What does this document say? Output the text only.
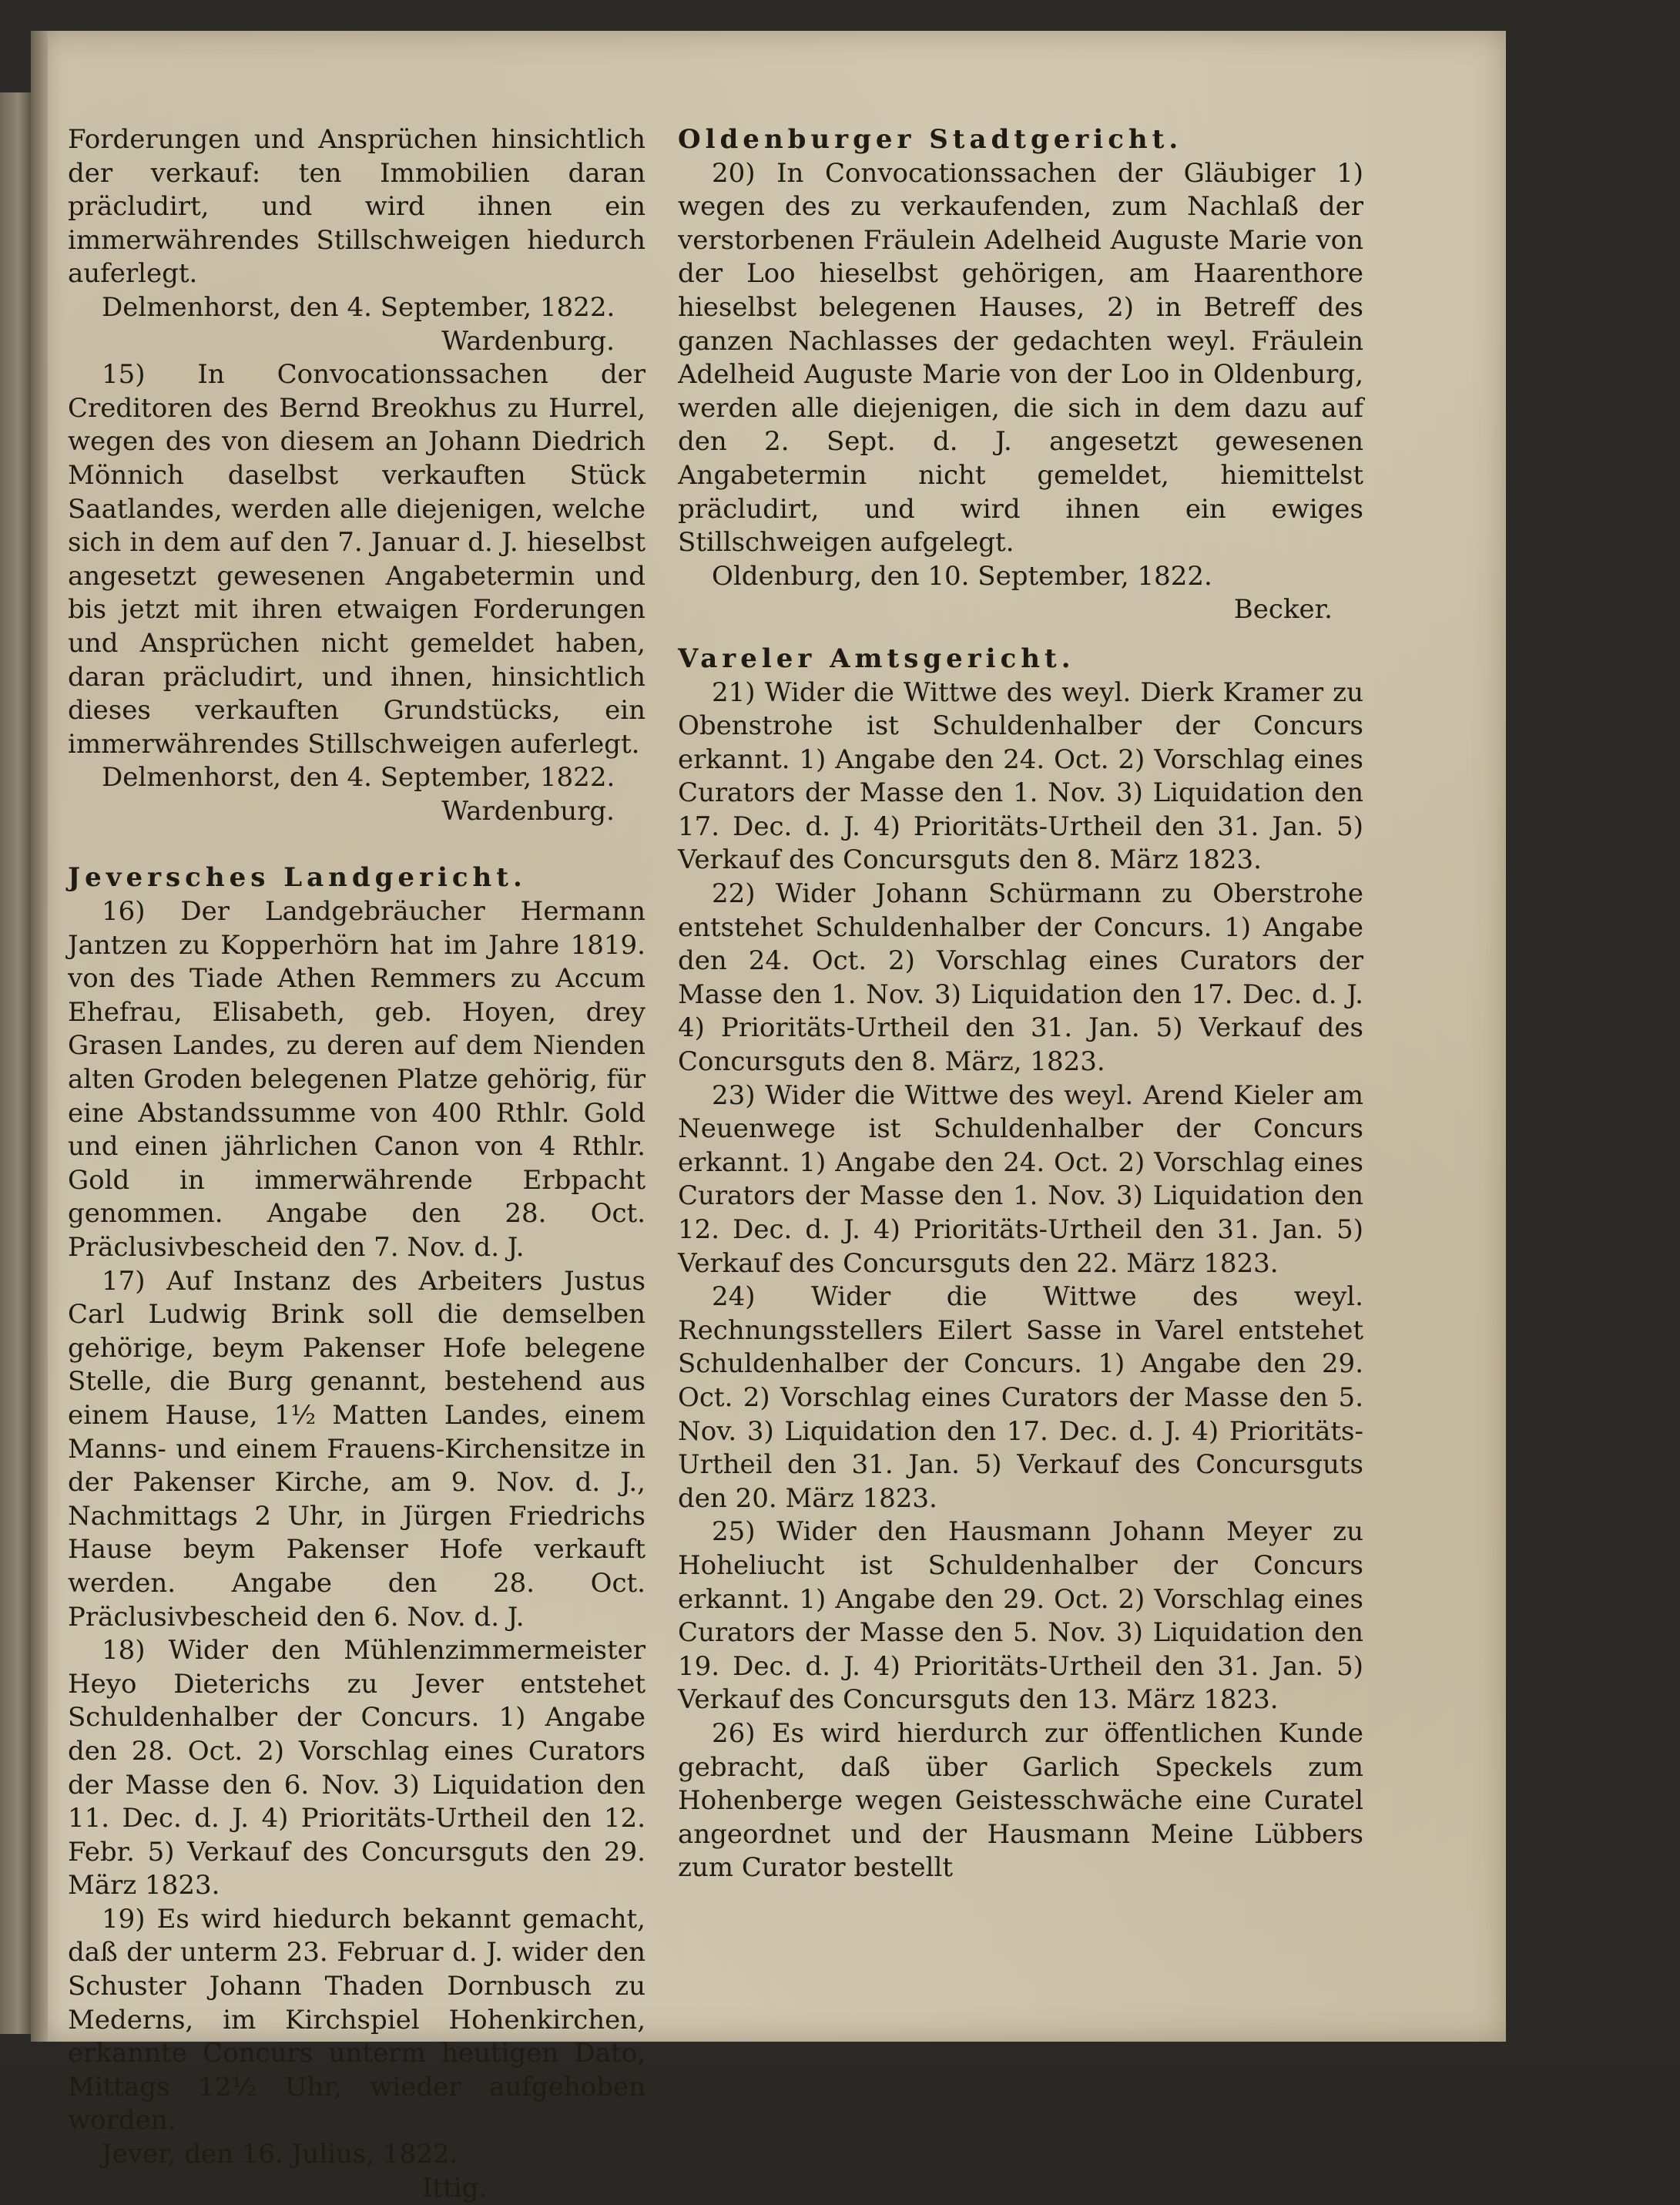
Forderungen und Ansprüchen hinsichtlich der verkauf: ten Immobilien daran präcludirt, und wird ihnen ein immerwährendes Stillschweigen hiedurch auferlegt.

Delmenhorst, den 4. September, 1822.

Wardenburg.

15) In Convocationssachen der Creditoren des Bernd Breokhus zu Hurrel, wegen des von diesem an Johann Diedrich Mönnich daselbst verkauften Stück Saatlandes, werden alle diejenigen, welche sich in dem auf den 7. Januar d. J. hieselbst angesetzt gewesenen Angabetermin und bis jetzt mit ihren etwaigen Forderungen und Ansprüchen nicht gemeldet haben, daran präcludirt, und ihnen, hinsichtlich dieses verkauften Grundstücks, ein immerwährendes Stillschweigen auferlegt.

Delmenhorst, den 4. September, 1822.

Wardenburg.

Jeversches Landgericht.

16) Der Landgebräucher Hermann Jantzen zu Kopperhörn hat im Jahre 1819. von des Tiade Athen Remmers zu Accum Ehefrau, Elisabeth, geb. Hoyen, drey Grasen Landes, zu deren auf dem Nienden alten Groden belegenen Platze gehörig, für eine Abstandssumme von 400 Rthlr. Gold und einen jährlichen Canon von 4 Rthlr. Gold in immerwährende Erbpacht genommen. Angabe den 28. Oct. Präclusivbescheid den 7. Nov. d. J.

17) Auf Instanz des Arbeiters Justus Carl Ludwig Brink soll die demselben gehörige, beym Pakenser Hofe belegene Stelle, die Burg genannt, bestehend aus einem Hause, 1½ Matten Landes, einem Manns- und einem Frauens-Kirchensitze in der Pakenser Kirche, am 9. Nov. d. J., Nachmittags 2 Uhr, in Jürgen Friedrichs Hause beym Pakenser Hofe verkauft werden. Angabe den 28. Oct. Präclusivbescheid den 6. Nov. d. J.

18) Wider den Mühlenzimmermeister Heyo Dieterichs zu Jever entstehet Schuldenhalber der Concurs. 1) Angabe den 28. Oct. 2) Vorschlag eines Curators der Masse den 6. Nov. 3) Liquidation den 11. Dec. d. J. 4) Prioritäts-Urtheil den 12. Febr. 5) Verkauf des Concursguts den 29. März 1823.

19) Es wird hiedurch bekannt gemacht, daß der unterm 23. Februar d. J. wider den Schuster Johann Thaden Dornbusch zu Mederns, im Kirchspiel Hohenkirchen, erkannte Concurs unterm heutigen Dato, Mittags 12½ Uhr, wieder aufgehoben worden.

Jever, den 16. Julius, 1822.

Ittig.

Oldenburger Stadtgericht.

20) In Convocationssachen der Gläubiger 1) wegen des zu verkaufenden, zum Nachlaß der verstorbenen Fräulein Adelheid Auguste Marie von der Loo hieselbst gehörigen, am Haarenthore hieselbst belegenen Hauses, 2) in Betreff des ganzen Nachlasses der gedachten weyl. Fräulein Adelheid Auguste Marie von der Loo in Oldenburg, werden alle diejenigen, die sich in dem dazu auf den 2. Sept. d. J. angesetzt gewesenen Angabetermin nicht gemeldet, hiemittelst präcludirt, und wird ihnen ein ewiges Stillschweigen aufgelegt.

Oldenburg, den 10. September, 1822.

Becker.

Vareler Amtsgericht.

21) Wider die Wittwe des weyl. Dierk Kramer zu Obenstrohe ist Schuldenhalber der Concurs erkannt. 1) Angabe den 24. Oct. 2) Vorschlag eines Curators der Masse den 1. Nov. 3) Liquidation den 17. Dec. d. J. 4) Prioritäts-Urtheil den 31. Jan. 5) Verkauf des Concursguts den 8. März 1823.

22) Wider Johann Schürmann zu Oberstrohe entstehet Schuldenhalber der Concurs. 1) Angabe den 24. Oct. 2) Vorschlag eines Curators der Masse den 1. Nov. 3) Liquidation den 17. Dec. d. J. 4) Prioritäts-Urtheil den 31. Jan. 5) Verkauf des Concursguts den 8. März, 1823.

23) Wider die Wittwe des weyl. Arend Kieler am Neuenwege ist Schuldenhalber der Concurs erkannt. 1) Angabe den 24. Oct. 2) Vorschlag eines Curators der Masse den 1. Nov. 3) Liquidation den 12. Dec. d. J. 4) Prioritäts-Urtheil den 31. Jan. 5) Verkauf des Concursguts den 22. März 1823.

24) Wider die Wittwe des weyl. Rechnungsstellers Eilert Sasse in Varel entstehet Schuldenhalber der Concurs. 1) Angabe den 29. Oct. 2) Vorschlag eines Curators der Masse den 5. Nov. 3) Liquidation den 17. Dec. d. J. 4) Prioritäts-Urtheil den 31. Jan. 5) Verkauf des Concursguts den 20. März 1823.

25) Wider den Hausmann Johann Meyer zu Hoheliucht ist Schuldenhalber der Concurs erkannt. 1) Angabe den 29. Oct. 2) Vorschlag eines Curators der Masse den 5. Nov. 3) Liquidation den 19. Dec. d. J. 4) Prioritäts-Urtheil den 31. Jan. 5) Verkauf des Concursguts den 13. März 1823.

26) Es wird hierdurch zur öffentlichen Kunde gebracht, daß über Garlich Speckels zum Hohenberge wegen Geistesschwäche eine Curatel angeordnet und der Hausmann Meine Lübbers zum Curator bestellt
